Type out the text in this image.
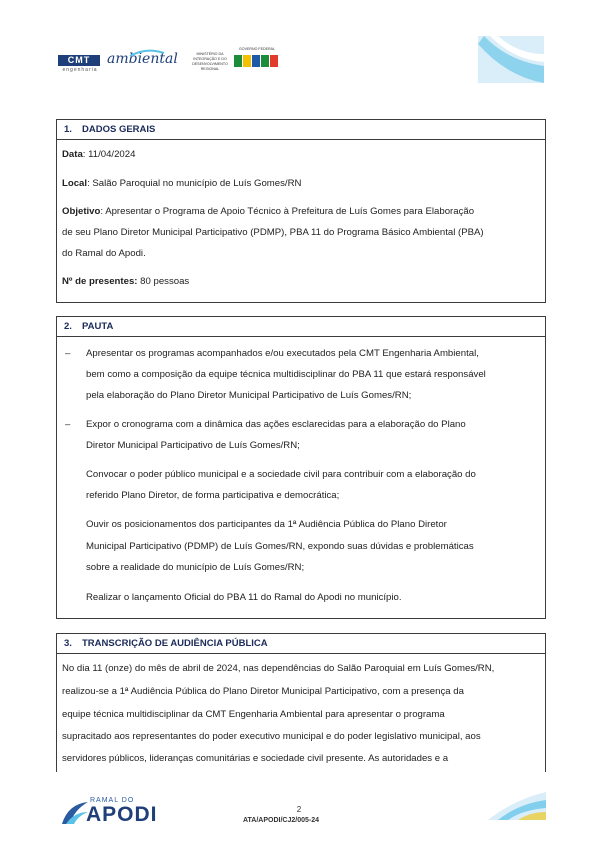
CMT
engenharia
ambiental	MINISTÉRIO DA INTEGRAÇÃO E DO DESENVOLVIMENTO REGIONAL
GOVERNO FEDERAL
1. DADOS GERAIS
Data: 11/04/2024
Local: Salão Paroquial no município de Luís Gomes/RN
Objetivo: Apresentar o Programa de Apoio Técnico à Prefeitura de Luís Gomes para Elaboração
de seu Plano Diretor Municipal Participativo (PDMP), PBA 11 do Programa Básico Ambiental (PBA)
do Ramal do Apodi.
Nº de presentes: 80 pessoas
2. PAUTA
– Apresentar os programas acompanhados e/ou executados pela CMT Engenharia Ambiental,
bem como a composição da equipe técnica multidisciplinar do PBA 11 que estará responsável
pela elaboração do Plano Diretor Municipal Participativo de Luís Gomes/RN;
– Expor o cronograma com a dinâmica das ações esclarecidas para a elaboração do Plano
Diretor Municipal Participativo de Luís Gomes/RN;
Convocar o poder público municipal e a sociedade civil para contribuir com a elaboração do
referido Plano Diretor, de forma participativa e democrática;
Ouvir os posicionamentos dos participantes da 1ª Audiência Pública do Plano Diretor
Municipal Participativo (PDMP) de Luís Gomes/RN, expondo suas dúvidas e problemáticas
sobre a realidade do município de Luís Gomes/RN;
Realizar o lançamento Oficial do PBA 11 do Ramal do Apodi no município.
3. TRANSCRIÇÃO DE AUDIÊNCIA PÚBLICA
No dia 11 (onze) do mês de abril de 2024, nas dependências do Salão Paroquial em Luís Gomes/RN,
realizou-se a 1ª Audiência Pública do Plano Diretor Municipal Participativo, com a presença da
equipe técnica multidisciplinar da CMT Engenharia Ambiental para apresentar o programa
supracitado aos representantes do poder executivo municipal e do poder legislativo municipal, aos
servidores públicos, lideranças comunitárias e sociedade civil presente. As autoridades e a
RAMAL DO
APODI	2
ATA/APODI/CJ2/005-24
